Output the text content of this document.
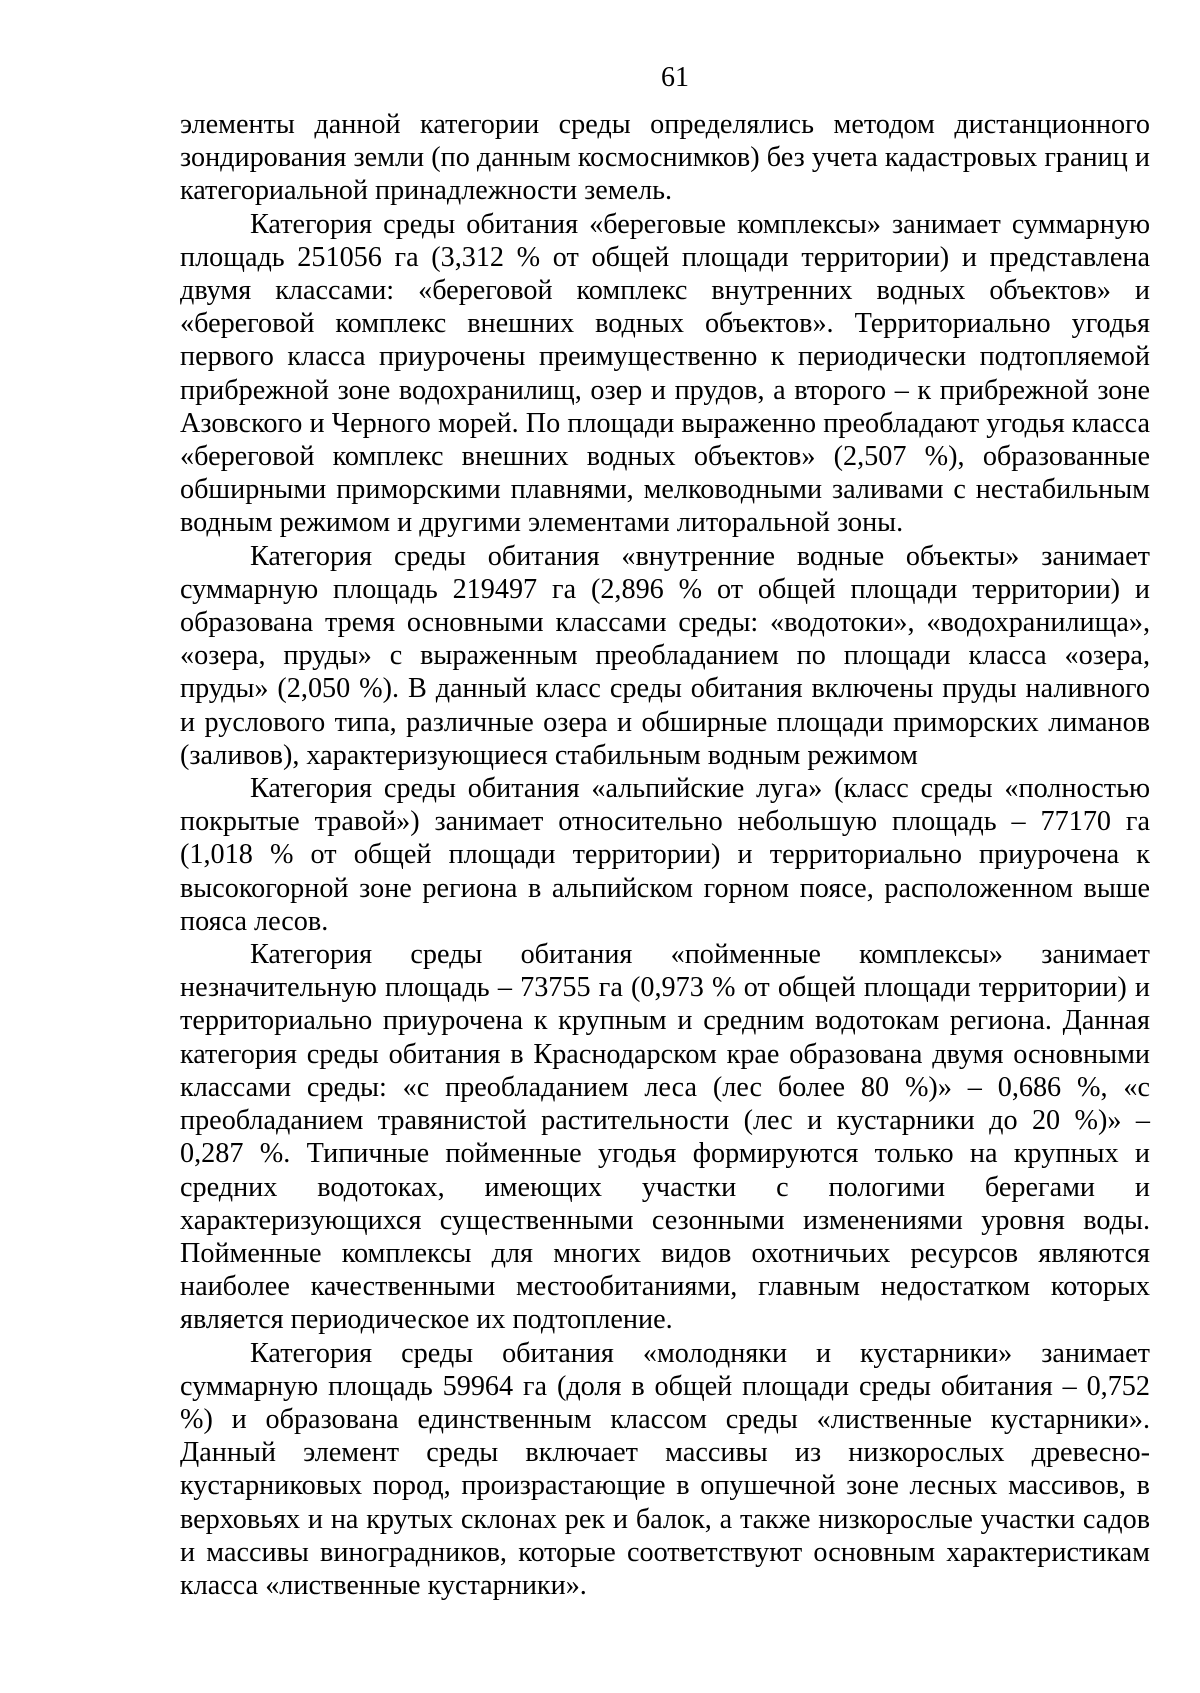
61

элементы данной категории среды определялись методом дистанционного зондирования земли (по данным космоснимков) без учета кадастровых границ и категориальной принадлежности земель.

Категория среды обитания «береговые комплексы» занимает суммарную площадь 251056 га (3,312 % от общей площади территории) и представлена двумя классами: «береговой комплекс внутренних водных объектов» и «береговой комплекс внешних водных объектов». Территориально угодья первого класса приурочены преимущественно к периодически подтопляемой прибрежной зоне водохранилищ, озер и прудов, а второго – к прибрежной зоне Азовского и Черного морей. По площади выраженно преобладают угодья класса «береговой комплекс внешних водных объектов» (2,507 %), образованные обширными приморскими плавнями, мелководными заливами с нестабильным водным режимом и другими элементами литоральной зоны.

Категория среды обитания «внутренние водные объекты» занимает суммарную площадь 219497 га (2,896 % от общей площади территории) и образована тремя основными классами среды: «водотоки», «водохранилища», «озера, пруды» с выраженным преобладанием по площади класса «озера, пруды» (2,050 %). В данный класс среды обитания включены пруды наливного и руслового типа, различные озера и обширные площади приморских лиманов (заливов), характеризующиеся стабильным водным режимом

Категория среды обитания «альпийские луга» (класс среды «полностью покрытые травой») занимает относительно небольшую площадь – 77170 га (1,018 % от общей площади территории) и территориально приурочена к высокогорной зоне региона в альпийском горном поясе, расположенном выше пояса лесов.

Категория среды обитания «пойменные комплексы» занимает незначительную площадь – 73755 га (0,973 % от общей площади территории) и территориально приурочена к крупным и средним водотокам региона. Данная категория среды обитания в Краснодарском крае образована двумя основными классами среды: «с преобладанием леса (лес более 80 %)» – 0,686 %, «с преобладанием травянистой растительности (лес и кустарники до 20 %)» – 0,287 %. Типичные пойменные угодья формируются только на крупных и средних водотоках, имеющих участки с пологими берегами и характеризующихся существенными сезонными изменениями уровня воды. Пойменные комплексы для многих видов охотничьих ресурсов являются наиболее качественными местообитаниями, главным недостатком которых является периодическое их подтопление.

Категория среды обитания «молодняки и кустарники» занимает суммарную площадь 59964 га (доля в общей площади среды обитания – 0,752 %) и образована единственным классом среды «лиственные кустарники». Данный элемент среды включает массивы из низкорослых древесно-кустарниковых пород, произрастающие в опушечной зоне лесных массивов, в верховьях и на крутых склонах рек и балок, а также низкорослые участки садов и массивы виноградников, которые соответствуют основным характеристикам класса «лиственные кустарники».
